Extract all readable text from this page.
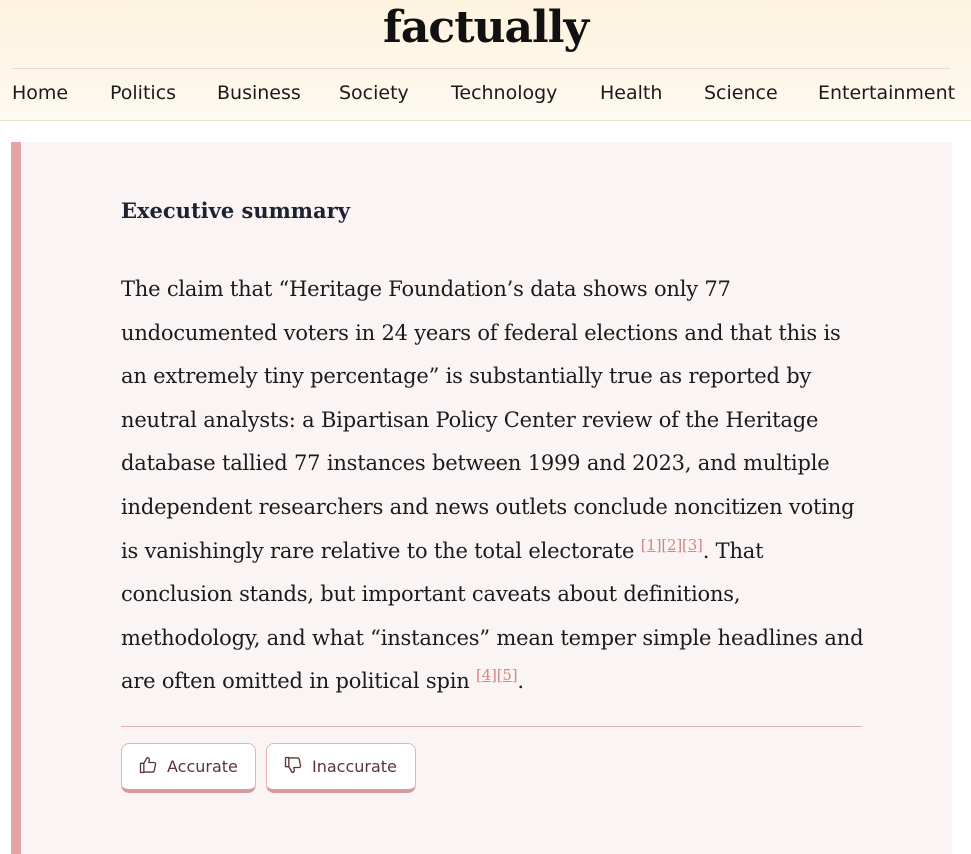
factually
Home Politics Business Society Technology Health Science Entertainment
Executive summary
The claim that “Heritage Foundation’s data shows only 77 undocumented voters in 24 years of federal elections and that this is an extremely tiny percentage” is substantially true as reported by neutral analysts: a Bipartisan Policy Center review of the Heritage database tallied 77 instances between 1999 and 2023, and multiple independent researchers and news outlets conclude noncitizen voting is vanishingly rare relative to the total electorate [1][2][3]. That conclusion stands, but important caveats about definitions, methodology, and what “instances” mean temper simple headlines and are often omitted in political spin [4][5].
Accurate	Inaccurate
